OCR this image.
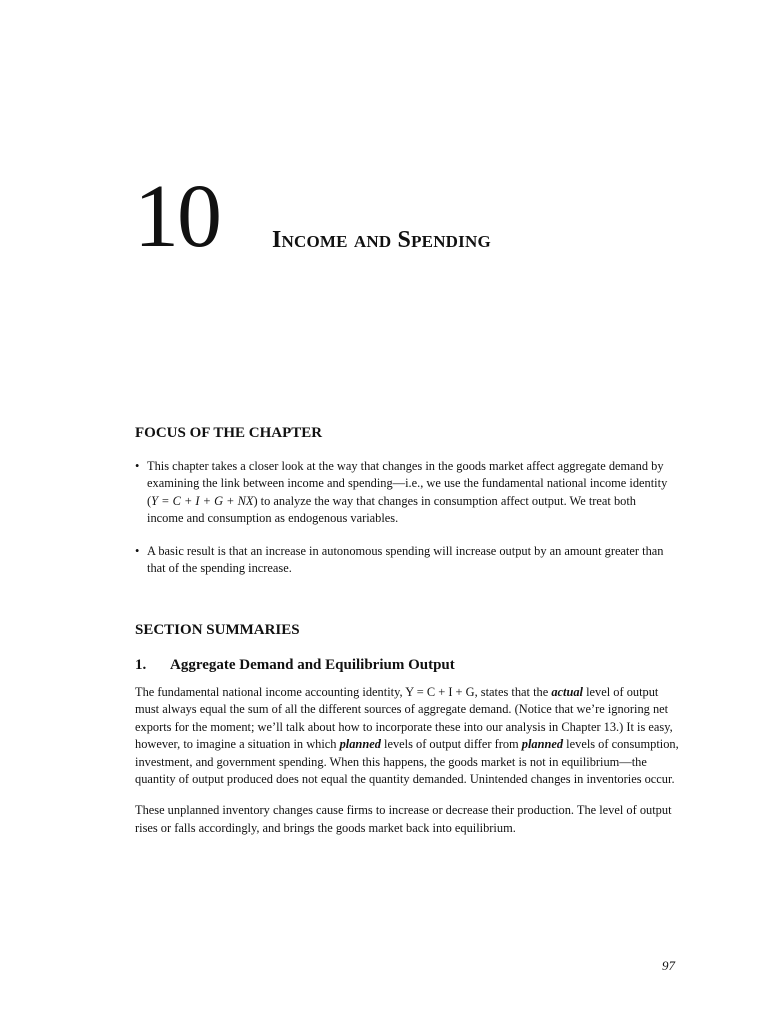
10 Income and Spending
FOCUS OF THE CHAPTER
• This chapter takes a closer look at the way that changes in the goods market affect aggregate demand by examining the link between income and spending—i.e., we use the fundamental national income identity (Y = C + I + G + NX) to analyze the way that changes in consumption affect output. We treat both income and consumption as endogenous variables.
• A basic result is that an increase in autonomous spending will increase output by an amount greater than that of the spending increase.
SECTION SUMMARIES
1. Aggregate Demand and Equilibrium Output

The fundamental national income accounting identity, Y = C + I + G, states that the actual level of output must always equal the sum of all the different sources of aggregate demand. (Notice that we’re ignoring net exports for the moment; we’ll talk about how to incorporate these into our analysis in Chapter 13.) It is easy, however, to imagine a situation in which planned levels of output differ from planned levels of consumption, investment, and government spending. When this happens, the goods market is not in equilibrium—the quantity of output produced does not equal the quantity demanded. Unintended changes in inventories occur.

These unplanned inventory changes cause firms to increase or decrease their production. The level of output rises or falls accordingly, and brings the goods market back into equilibrium.

97
